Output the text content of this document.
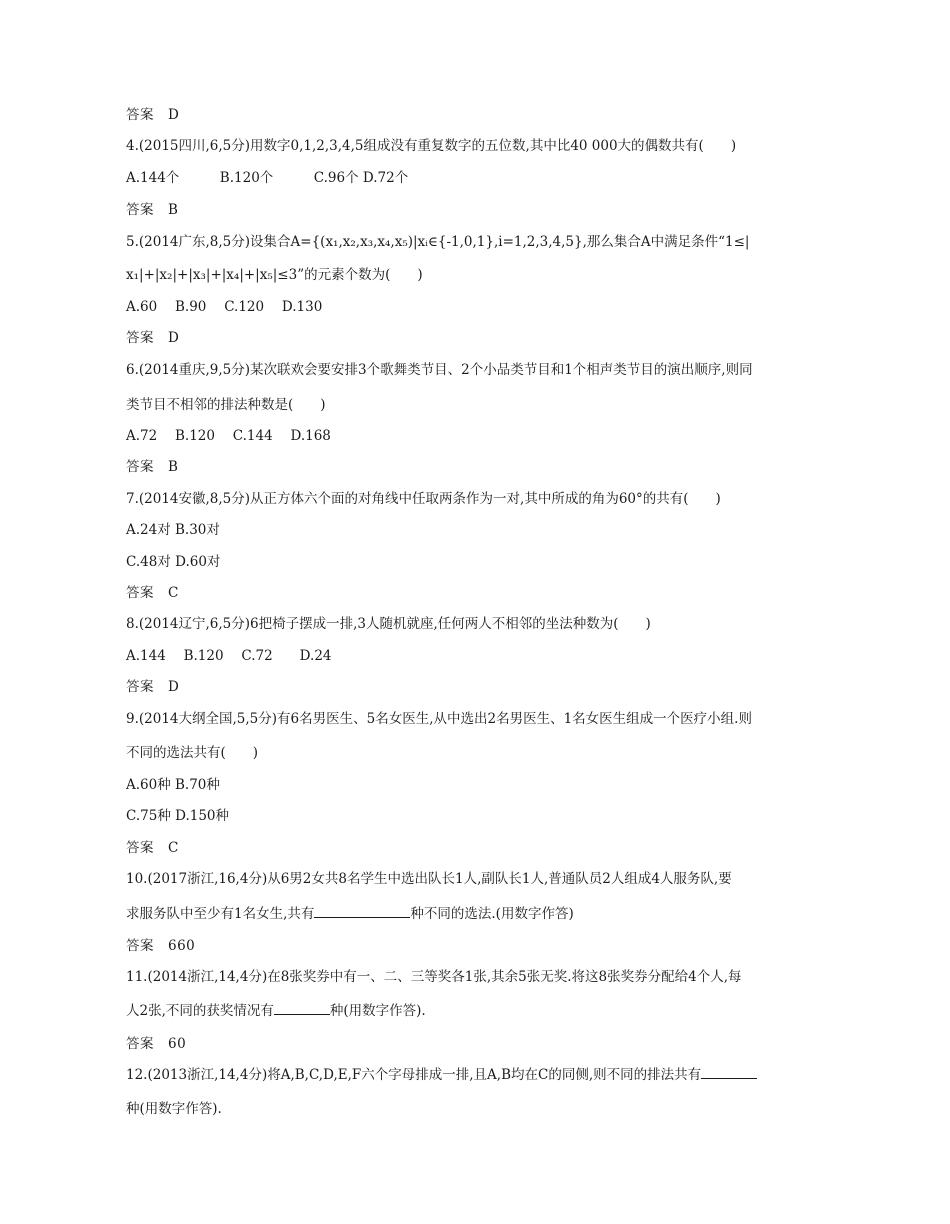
答案 D
4.(2015四川,6,5分)用数字0,1,2,3,4,5组成没有重复数字的五位数,其中比40 000大的偶数共有(　　)
A.144个　　　B.120个　　　C.96个 D.72个
答案 B
5.(2014广东,8,5分)设集合A={(x₁,x₂,x₃,x₄,x₅)|xᵢ∈{-1,0,1},i=1,2,3,4,5},那么集合A中满足条件“1≤|
x₁|+|x₂|+|x₃|+|x₄|+|x₅|≤3”的元素个数为(　　)
A.60　 B.90　 C.120　 D.130
答案 D
6.(2014重庆,9,5分)某次联欢会要安排3个歌舞类节目、2个小品类节目和1个相声类节目的演出顺序,则同
类节目不相邻的排法种数是(　　)
A.72　 B.120　 C.144　 D.168
答案 B
7.(2014安徽,8,5分)从正方体六个面的对角线中任取两条作为一对,其中所成的角为60°的共有(　　)
A.24对 B.30对
C.48对 D.60对
答案 C
8.(2014辽宁,6,5分)6把椅子摆成一排,3人随机就座,任何两人不相邻的坐法种数为(　　)
A.144　 B.120　 C.72　　D.24
答案 D
9.(2014大纲全国,5,5分)有6名男医生、5名女医生,从中选出2名男医生、1名女医生组成一个医疗小组.则
不同的选法共有(　　)
A.60种 B.70种
C.75种 D.150种
答案 C
10.(2017浙江,16,4分)从6男2女共8名学生中选出队长1人,副队长1人,普通队员2人组成4人服务队,要
求服务队中至少有1名女生,共有	种不同的选法.(用数字作答)
答案 660
11.(2014浙江,14,4分)在8张奖券中有一、二、三等奖各1张,其余5张无奖.将这8张奖券分配给4个人,每
人2张,不同的获奖情况有	种(用数字作答).
答案 60
12.(2013浙江,14,4分)将A,B,C,D,E,F六个字母排成一排,且A,B均在C的同侧,则不同的排法共有
种(用数字作答).
